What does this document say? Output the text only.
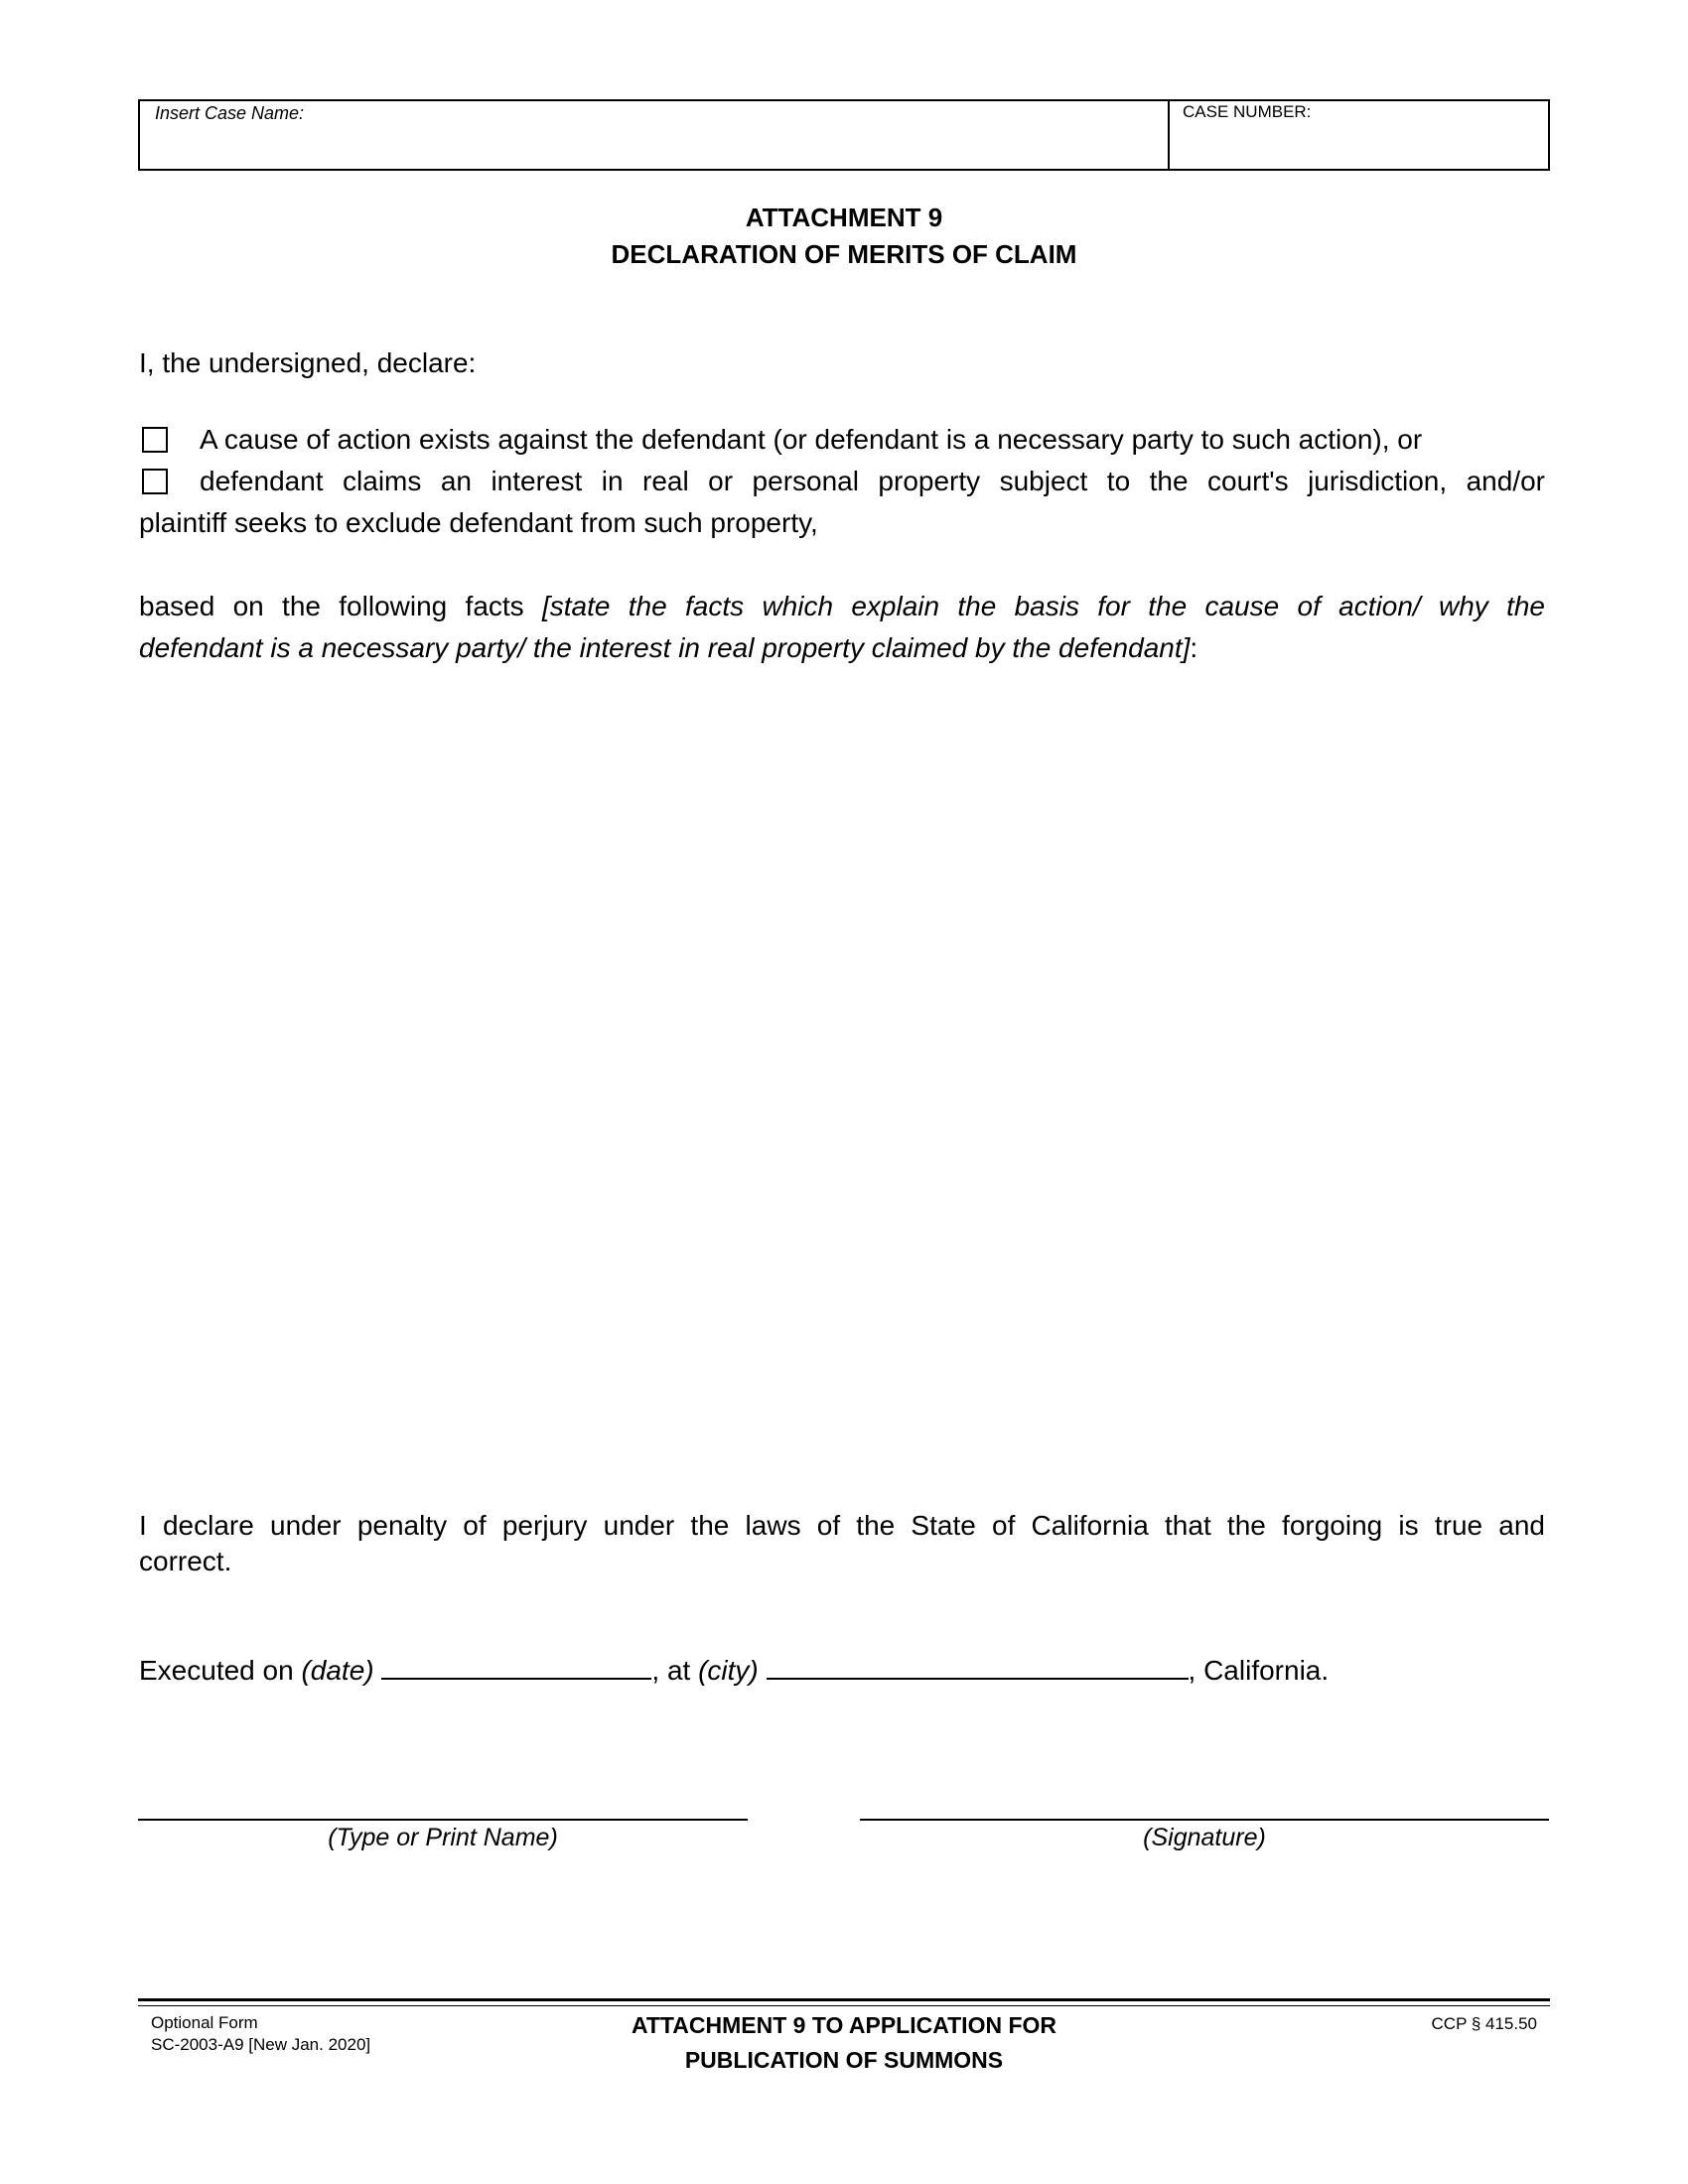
Insert Case Name:	CASE NUMBER:
ATTACHMENT 9
DECLARATION OF MERITS OF CLAIM
I, the undersigned, declare:
A cause of action exists against the defendant (or defendant is a necessary party to such action), or
defendant claims an interest in real or personal property subject to the court's jurisdiction, and/or
plaintiff seeks to exclude defendant from such property,
based on the following facts [state the facts which explain the basis for the cause of action/ why the
defendant is a necessary party/ the interest in real property claimed by the defendant]:
I declare under penalty of perjury under the laws of the State of California that the forgoing is true and
correct.
Executed on (date)	, at (city)	, California.
(Type or Print Name)	(Signature)
Optional Form
SC-2003-A9 [New Jan. 2020]
ATTACHMENT 9 TO APPLICATION FOR
PUBLICATION OF SUMMONS
CCP § 415.50
